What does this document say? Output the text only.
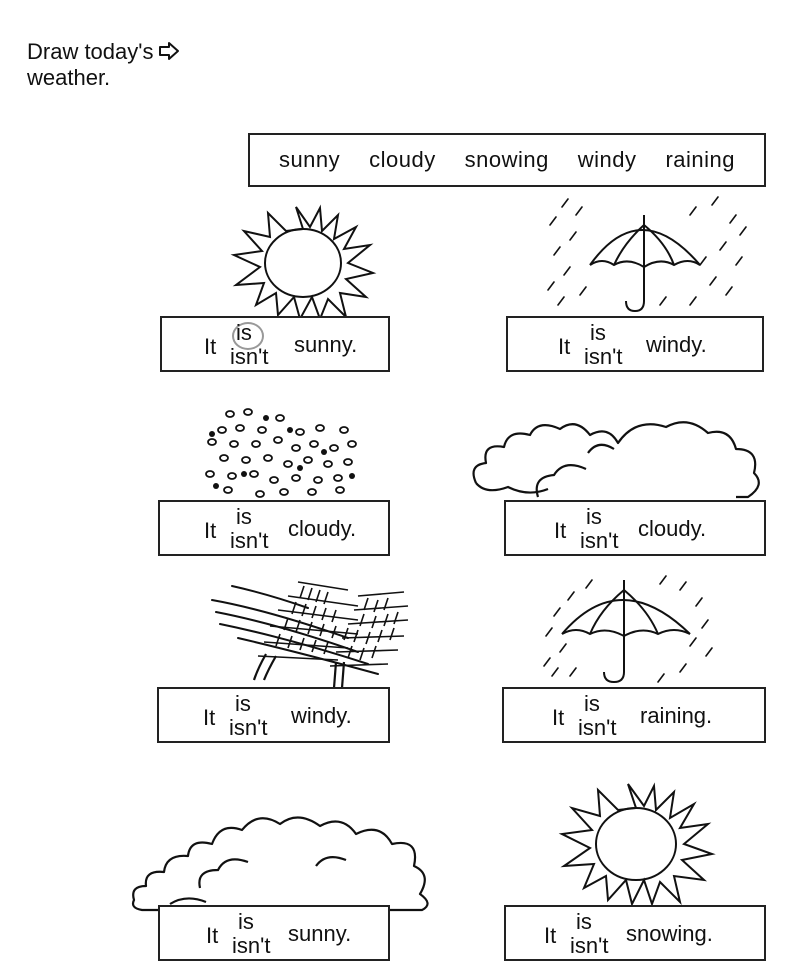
Draw today's
weather.
sunny cloudy snowing windy raining
It
is
isn't sunny.	It
is
isn't windy.
It
is
isn't cloudy.	It
is
isn't cloudy.
It
is
isn't windy.	It
is
isn't raining.
It
is
isn't sunny.	It
is
isn't snowing.
